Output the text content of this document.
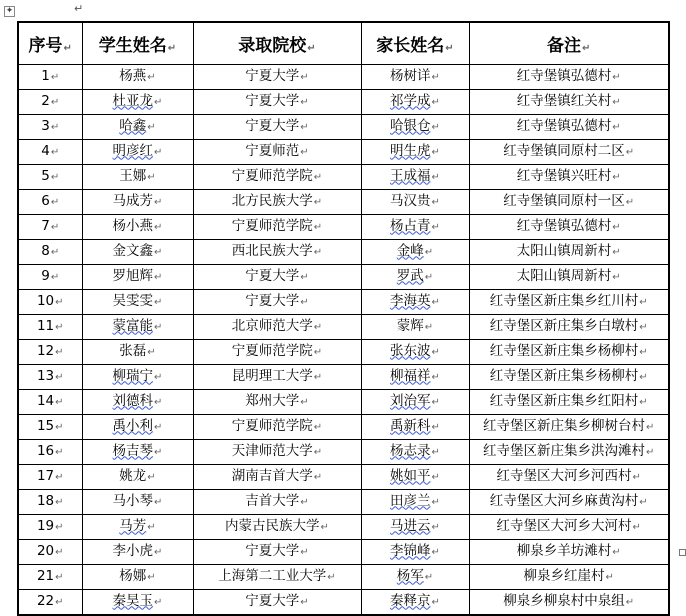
✦	↵
序号 ↵	学生姓名 ↵	录取院校 ↵	家长姓名 ↵	备注 ↵
1 ↵	杨燕 ↵	宁夏大学 ↵	杨树详 ↵	红寺堡镇弘德村 ↵
2 ↵	杜亚龙 ↵	宁夏大学 ↵	祁学成 ↵	红寺堡镇红关村 ↵
3 ↵	哈鑫 ↵	宁夏大学 ↵	哈银仓 ↵	红寺堡镇弘德村 ↵
4 ↵	明彦红 ↵	宁夏师范 ↵	明生虎 ↵	红寺堡镇同原村二区 ↵
5 ↵	王娜 ↵	宁夏师范学院 ↵	王成福 ↵	红寺堡镇兴旺村 ↵
6 ↵	马成芳 ↵	北方民族大学 ↵	马汉贵 ↵	红寺堡镇同原村一区 ↵
7 ↵	杨小燕 ↵	宁夏师范学院 ↵	杨占青 ↵	红寺堡镇弘德村 ↵
8 ↵	金文鑫 ↵	西北民族大学 ↵	金峰 ↵	太阳山镇周新村 ↵
9 ↵	罗旭辉 ↵	宁夏大学 ↵	罗武 ↵	太阳山镇周新村 ↵
10 ↵	吴雯雯 ↵	宁夏大学 ↵	李海英 ↵	红寺堡区新庄集乡红川村 ↵
11 ↵	蒙富能 ↵	北京师范大学 ↵	蒙辉 ↵	红寺堡区新庄集乡白墩村 ↵
12 ↵	张磊 ↵	宁夏师范学院 ↵	张东波 ↵	红寺堡区新庄集乡杨柳村 ↵
13 ↵	柳瑞宁 ↵	昆明理工大学 ↵	柳福祥 ↵	红寺堡区新庄集乡杨柳村 ↵
14 ↵	刘德科 ↵	郑州大学 ↵	刘治军 ↵	红寺堡区新庄集乡红阳村 ↵
15 ↵	禹小利 ↵	宁夏师范学院 ↵	禹新科 ↵	红寺堡区新庄集乡柳树台村 ↵
16 ↵	杨吉琴 ↵	天津师范大学 ↵	杨志录 ↵	红寺堡区新庄集乡洪沟滩村 ↵
17 ↵	姚龙 ↵	湖南吉首大学 ↵	姚如平 ↵	红寺堡区大河乡河西村 ↵
18 ↵	马小琴 ↵	吉首大学 ↵	田彦兰 ↵	红寺堡区大河乡麻黄沟村 ↵
19 ↵	马芳 ↵	内蒙古民族大学 ↵	马进云 ↵	红寺堡区大河乡大河村 ↵
20 ↵	李小虎 ↵	宁夏大学 ↵	李锦峰 ↵	柳泉乡羊坊滩村 ↵
21 ↵	杨娜 ↵	上海第二工业大学 ↵	杨军 ↵	柳泉乡红崖村 ↵
22 ↵	秦昊玉 ↵	宁夏大学 ↵	秦释京 ↵	柳泉乡柳泉村中泉组 ↵
